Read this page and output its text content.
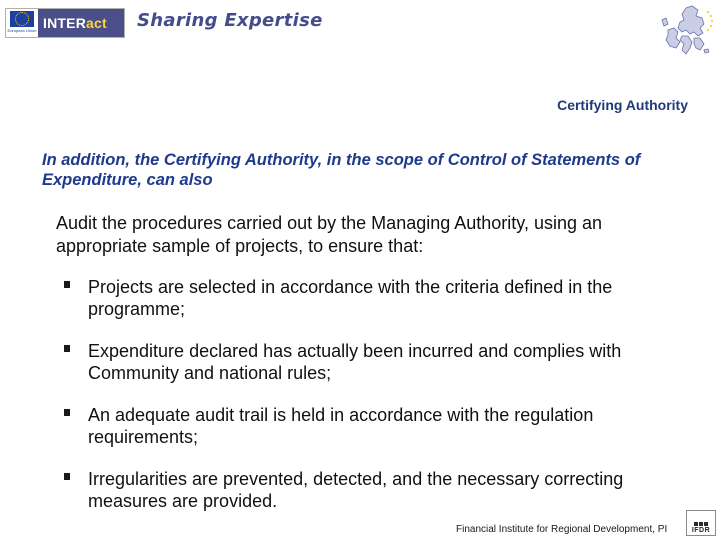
European Union INTER act Sharing Expertise
Certifying Authority
In addition, the Certifying Authority, in the scope of Control of Statements of Expenditure, can also
Audit the procedures carried out by the Managing Authority, using an appropriate sample of projects, to ensure that:
Projects are selected in accordance with the criteria defined in the programme;
Expenditure declared has actually been incurred and complies with Community and national rules;
An adequate audit trail is held in accordance with the regulation requirements;
Irregularities are prevented, detected, and the necessary correcting measures are provided.
Financial Institute for Regional Development, PI	IFDR
